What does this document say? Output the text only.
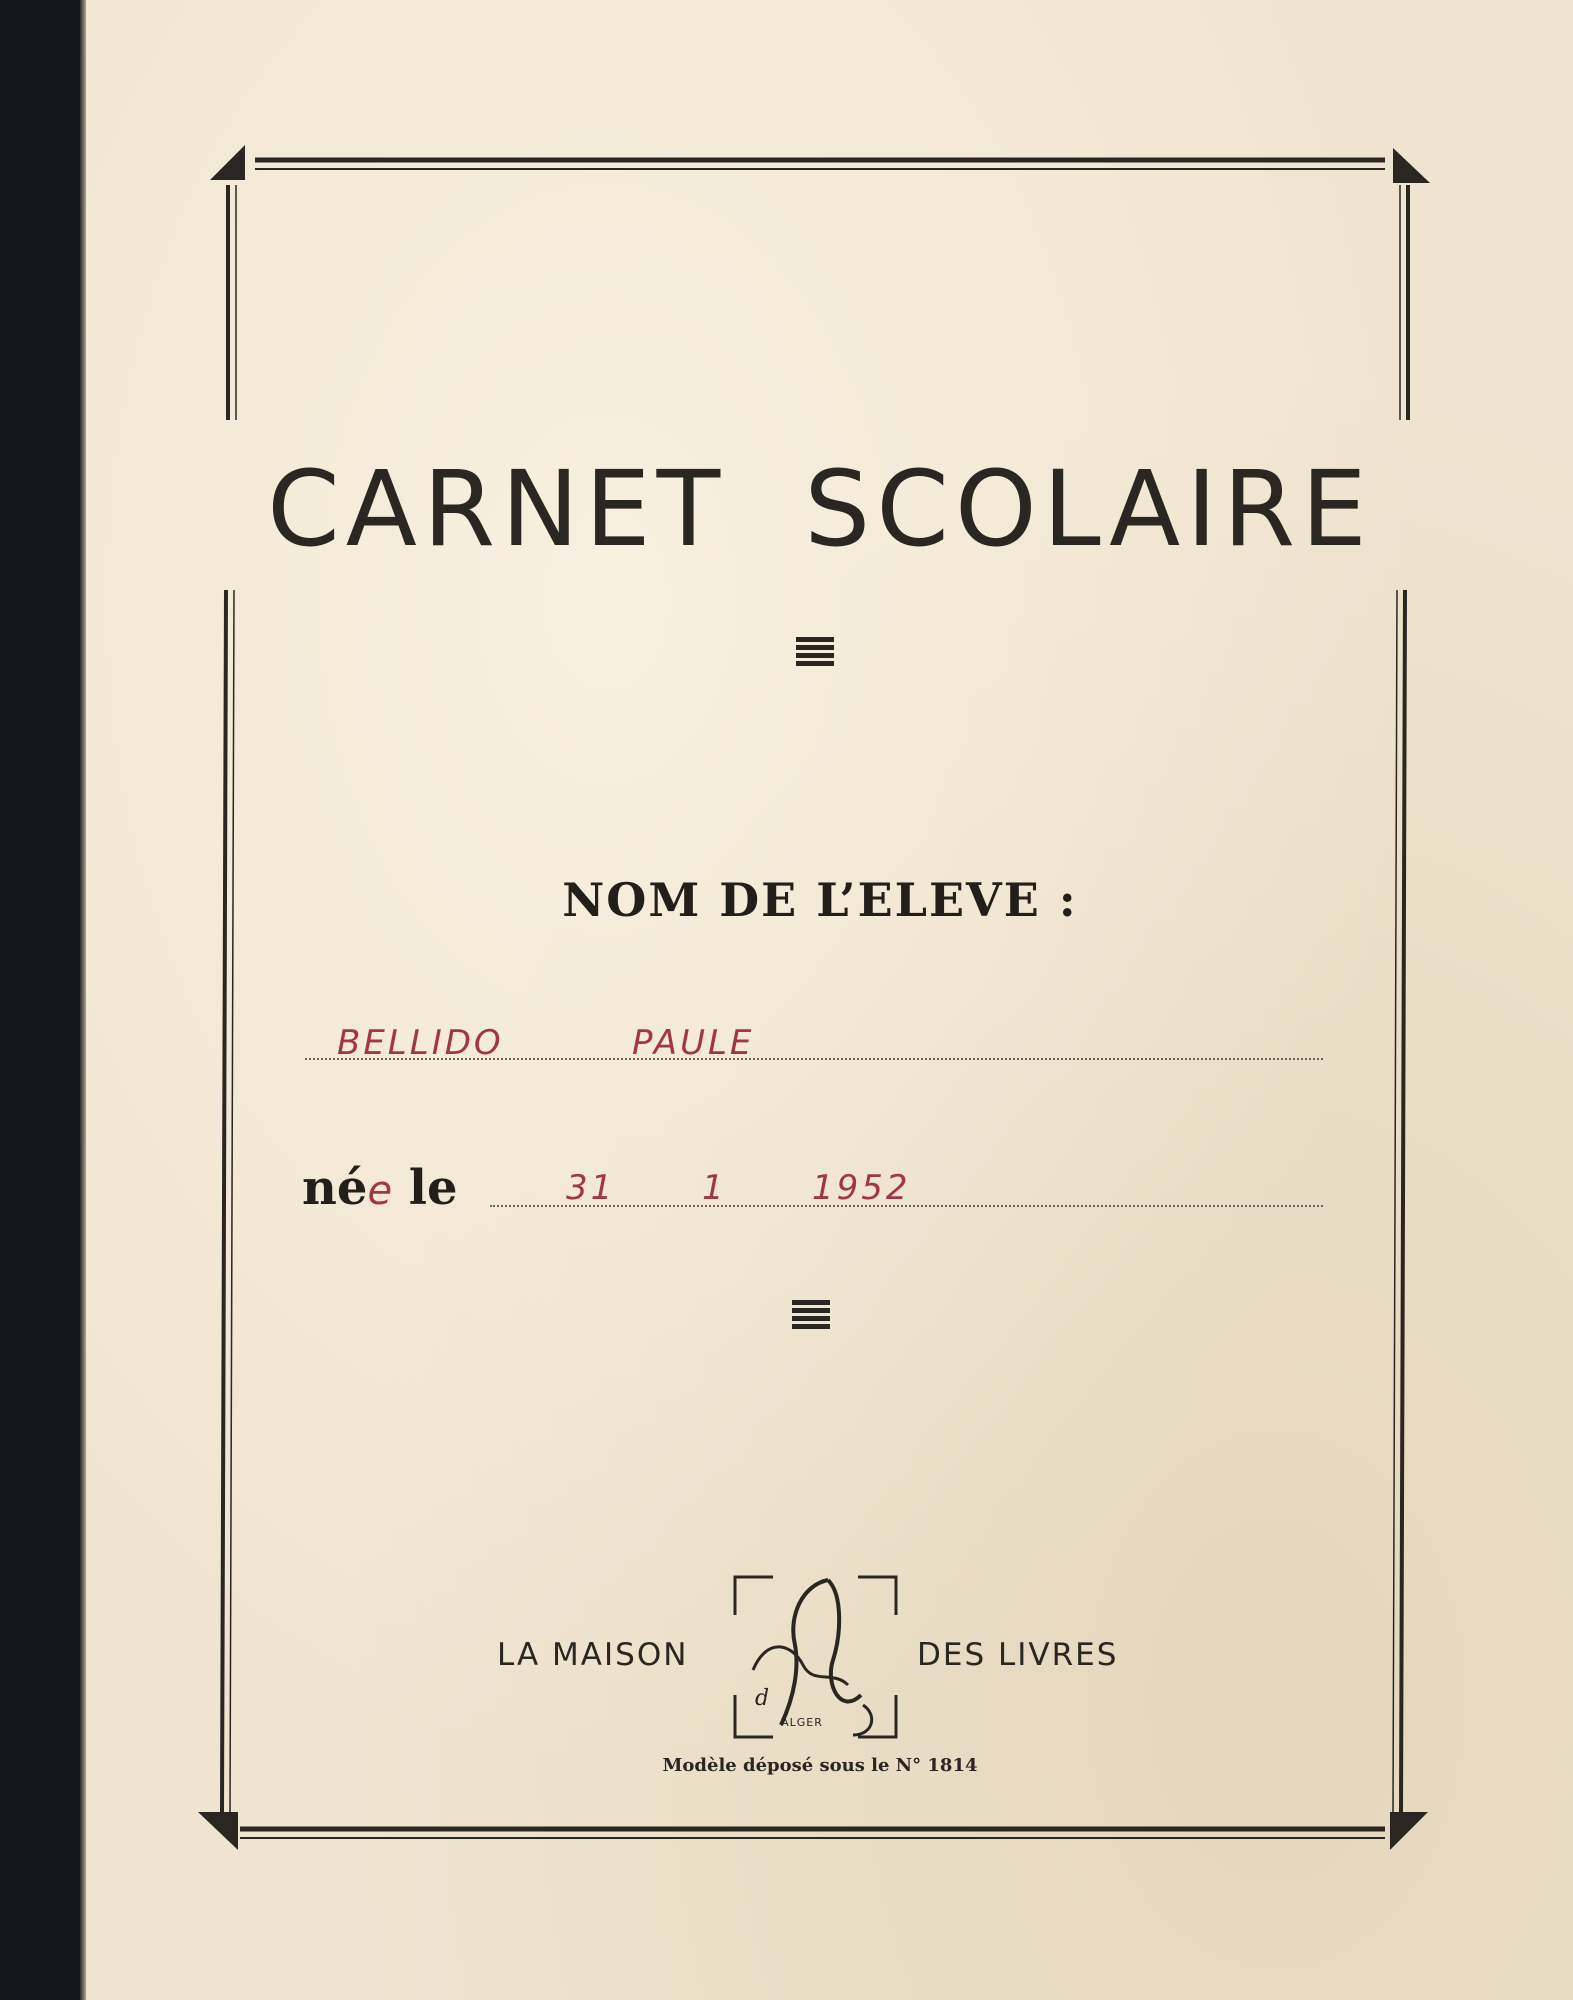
CARNET  SCOLAIRE
NOM DE L’ELEVE :
BELLIDO	PAULE
née le	31	1	1952
LA MAISON
d
ALGER
DES LIVRES
Modèle déposé sous le N° 1814
